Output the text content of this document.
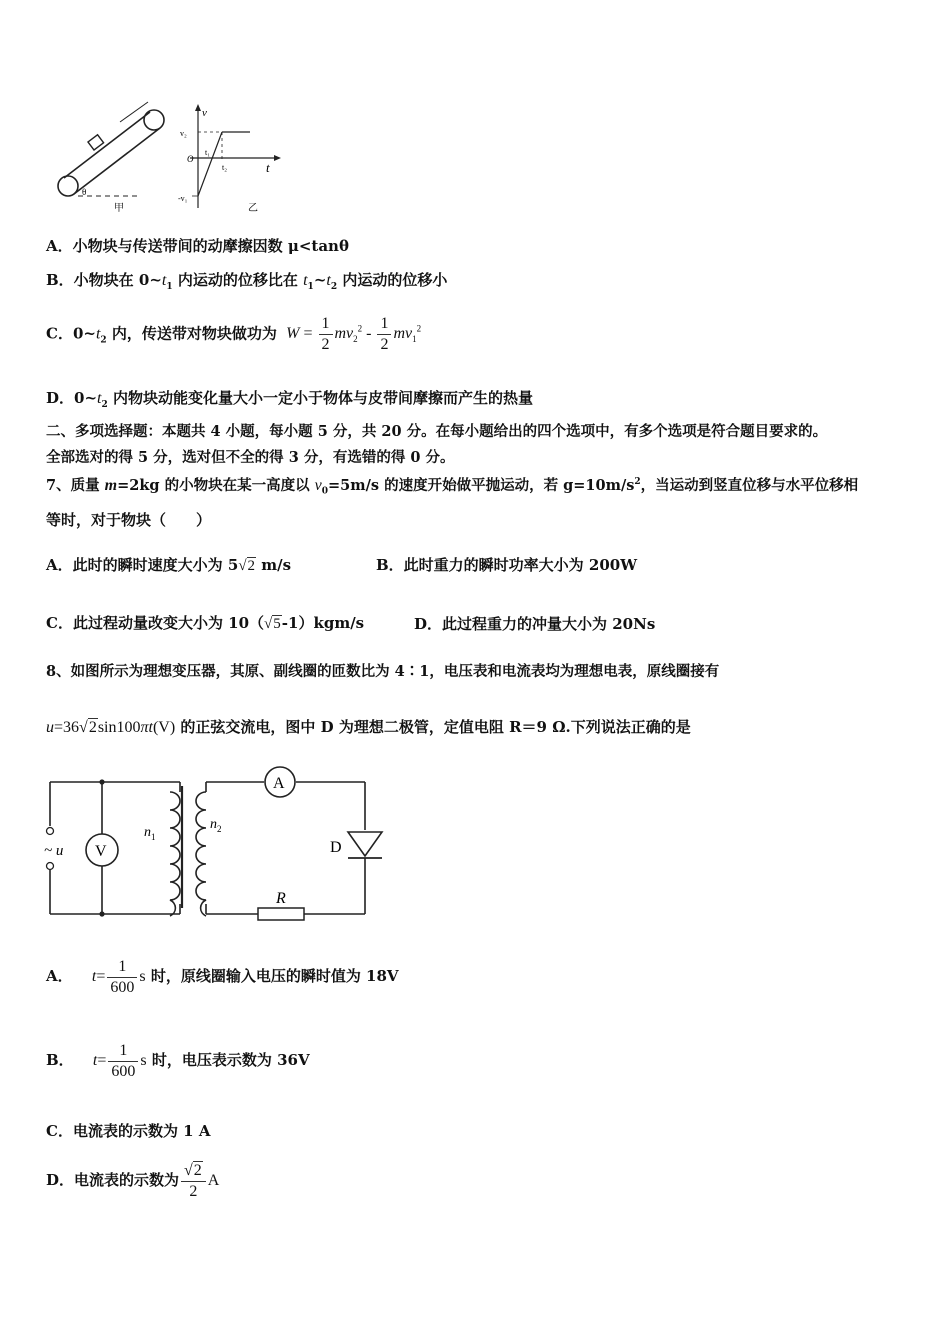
θ
甲
v
t
O
v₂
-v₁
t₁
t₂
乙
A．小物块与传送带间的动摩擦因数 μ<tanθ
B．小物块在 $0\sim t_1$ 内运动的位移比在 $t_1\sim t_2$ 内运动的位移小
C．$0\sim t_2$ 内，传送带对物块做功为 $W = \frac{1}{2} mv_2^2 - \frac{1}{2} mv_1^2$
D．$0\sim t_2$ 内物块动能变化量大小一定小于物体与皮带间摩擦而产生的热量
二、多项选择题：本题共 4 小题，每小题 5 分，共 20 分。在每小题给出的四个选项中，有多个选项是符合题目要求的。
全部选对的得 5 分，选对但不全的得 3 分，有选错的得 0 分。
7、质量 m=2kg 的小物块在某一高度以 $v_0=5m/s$ 的速度开始做平抛运动，若 $g=10m/s^2$，当运动到竖直位移与水平位移相
等时，对于物块（　　）
A．此时的瞬时速度大小为 5√2 m/s	B．此时重力的瞬时功率大小为 200W
C．此过程动量改变大小为 10（√5-1）kgm/s	D．此过程重力的冲量大小为 20Ns
8、如图所示为理想变压器，其原、副线圈的匝数比为 4∶1，电压表和电流表均为理想电表，原线圈接有
u=36√2sin100πt(V) 的正弦交流电，图中 D 为理想二极管，定值电阻 R＝9 Ω.下列说法正确的是
~ u V
$n_1$
$n_2$
A
D
R
A． $t= \frac{1}{600}$ s 时，原线圈输入电压的瞬时值为 18V
B． $t= \frac{1}{600}$ s 时，电压表示数为 36V
C．电流表的示数为 1 A
D．电流表的示数为 $\frac{√2}{2}$ A
